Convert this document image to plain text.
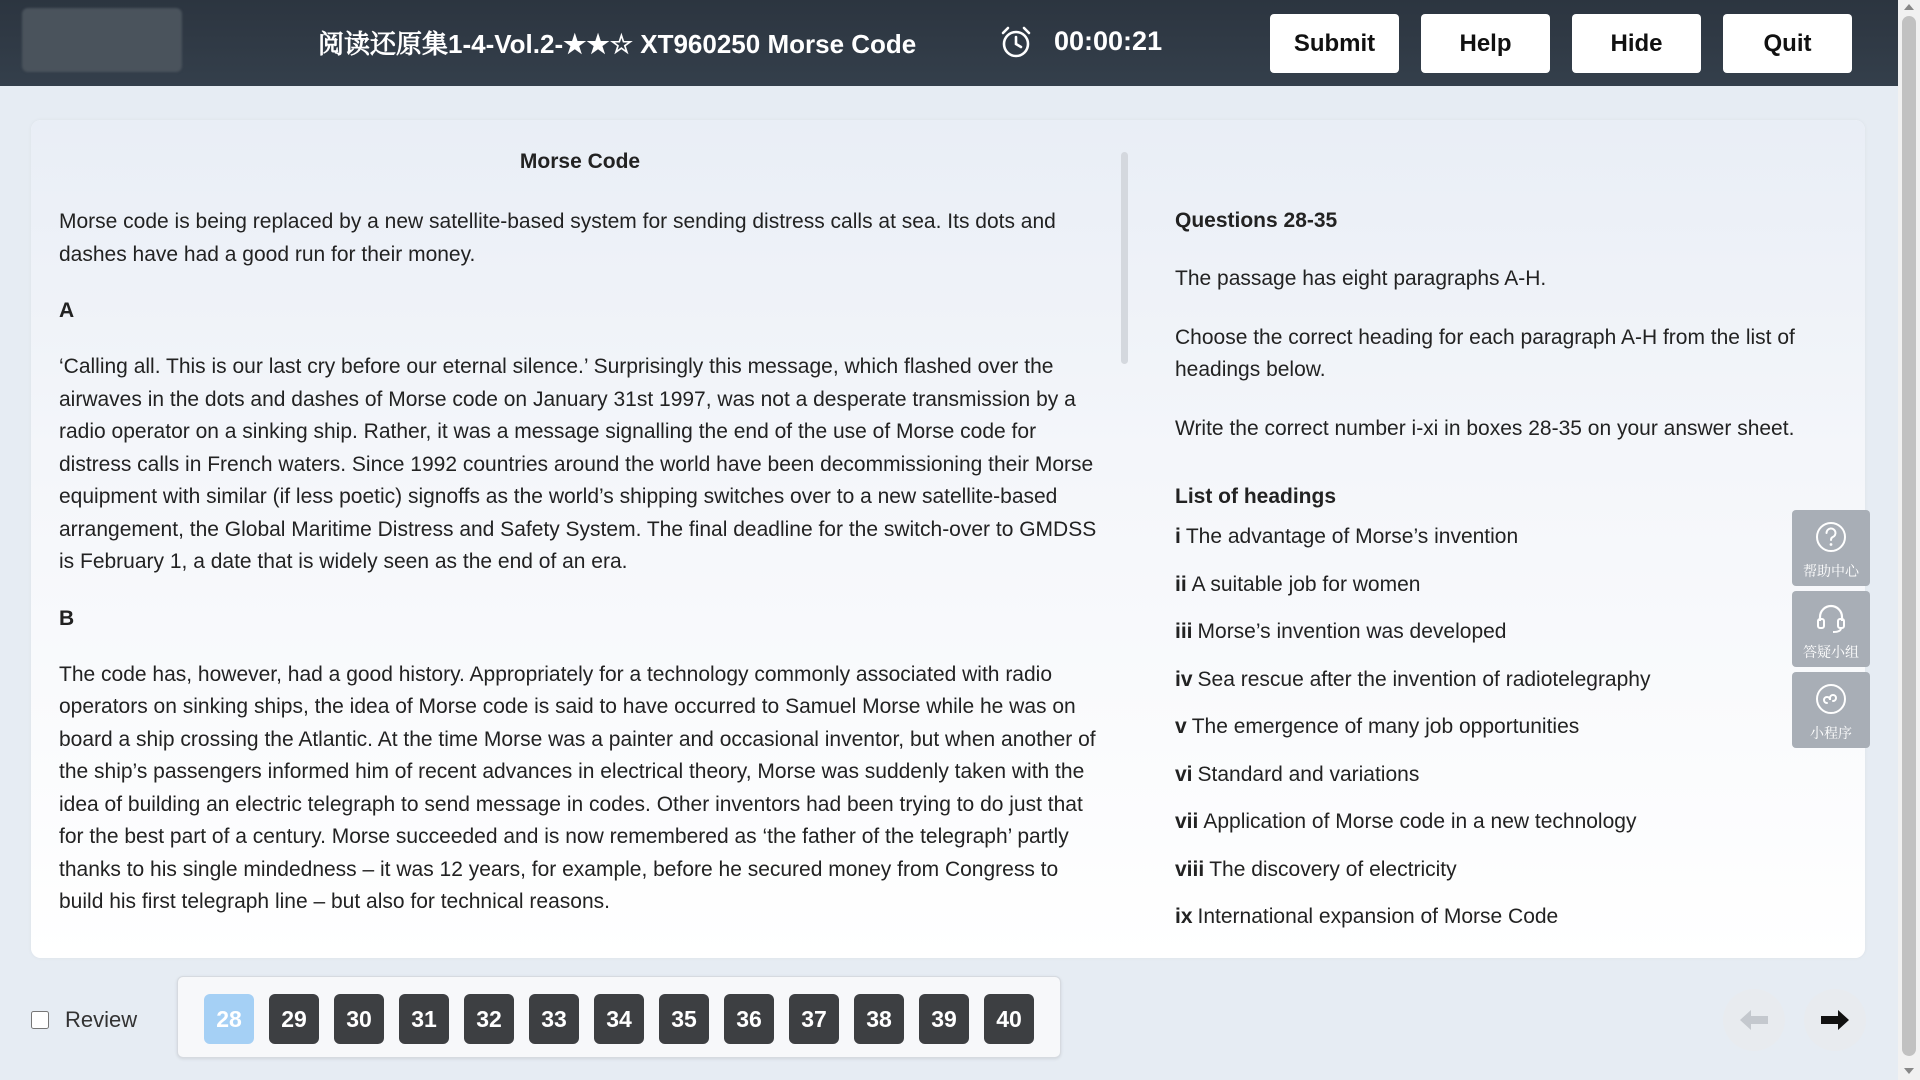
阅读还原集1-4-Vol.2-★★☆ XT960250 Morse Code	00:00:21	Submit	Help	Hide	Quit
Morse Code

Morse code is being replaced by a new satellite-based system for sending distress calls at sea. Its dots and dashes have had a good run for their money.

A

‘Calling all. This is our last cry before our eternal silence.’ Surprisingly this message, which flashed over the airwaves in the dots and dashes of Morse code on January 31st 1997, was not a desperate transmission by a radio operator on a sinking ship. Rather, it was a message signalling the end of the use of Morse code for distress calls in French waters. Since 1992 countries around the world have been decommissioning their Morse equipment with similar (if less poetic) signoffs as the world’s shipping switches over to a new satellite-based arrangement, the Global Maritime Distress and Safety System. The final deadline for the switch-over to GMDSS is February 1, a date that is widely seen as the end of an era.

B

The code has, however, had a good history. Appropriately for a technology commonly associated with radio operators on sinking ships, the idea of Morse code is said to have occurred to Samuel Morse while he was on board a ship crossing the Atlantic. At the time Morse was a painter and occasional inventor, but when another of the ship’s passengers informed him of recent advances in electrical theory, Morse was suddenly taken with the idea of building an electric telegraph to send message in codes. Other inventors had been trying to do just that for the best part of a century. Morse succeeded and is now remembered as ‘the father of the telegraph’ partly thanks to his single mindedness – it was 12 years, for example, before he secured money from Congress to build his first telegraph line – but also for technical reasons.

Questions 28-35

The passage has eight paragraphs A-H.

Choose the correct heading for each paragraph A-H from the list of headings below.

Write the correct number i-xi in boxes 28-35 on your answer sheet.

List of headings
i The advantage of Morse’s invention
ii A suitable job for women
iii Morse’s invention was developed
iv Sea rescue after the invention of radiotelegraphy
v The emergence of many job opportunities
vi Standard and variations
vii Application of Morse code in a new technology
viii The discovery of electricity
ix International expansion of Morse Code
帮助中心
答疑小组
小程序
Review	28	29	30	31	32	33	34	35	36	37	38	39	40
